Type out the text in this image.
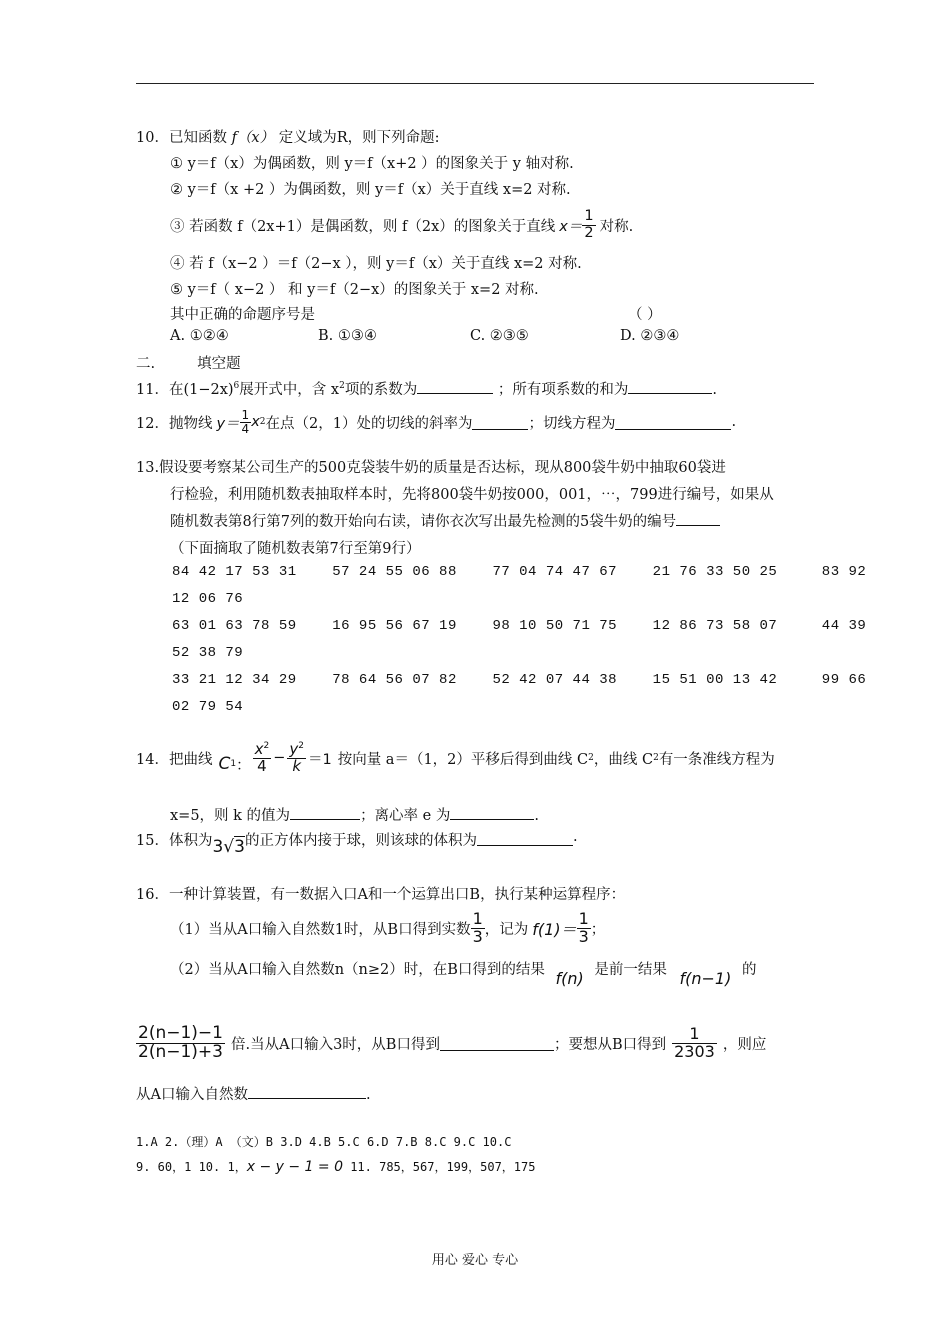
10．已知函数 f（x） 定义域为R，则下列命题:
① y＝f（x）为偶函数，则 y＝f（x+2 ）的图象关于 y 轴对称.
② y＝f（x +2 ）为偶函数，则 y＝f（x）关于直线 x=2 对称.
③ 若函数 f（2x+1）是偶函数，则 f（2x）的图象关于直线 $x= \frac{1}{2}$ 对称.
④ 若 f（x−2 ）＝f（2−x ），则 y＝f（x）关于直线 x=2 对称.
⑤ y＝f（ x−2 ） 和 y＝f（2−x）的图象关于 x=2 对称.
其中正确的命题序号是	（ ）
A. ①②④	B. ①③④	C. ②③⑤	D. ②③④
二.	填空题
11．在$(1-2x)^6$展开式中，含 $x^2$项的系数为	；所有项系数的和为	.
12．抛物线 $y= \frac{1}{4}$ x 2 在点（2，1）处的切线的斜率为	；切线方程为	.
13.假设要考察某公司生产的500克袋装牛奶的质量是否达标，现从800袋牛奶中抽取60袋进
行检验，利用随机数表抽取样本时，先将800袋牛奶按000，001，⋯，799进行编号，如果从
随机数表第8行第7列的数开始向右读，请你衣次写出最先检测的5袋牛奶的编号
（下面摘取了随机数表第7行至第9行）
84 42 17 53 31    57 24 55 06 88    77 04 74 47 67    21 76 33 50 25     83 92
12 06 76
63 01 63 78 59    16 95 56 67 19    98 10 50 71 75    12 86 73 58 07     44 39
52 38 79
33 21 12 34 29    78 64 56 07 82    52 42 07 44 38    15 51 00 13 42     99 66
02 79 54
14．把曲线 $C_1$ ： $\frac{x^2}{4} - \frac{y^2}{k} =1$ 按向量 a＝（1，2）平移后得到曲线 C 2 ，曲线 C 2 有一条准线方程为
x=5，则 k 的值为	；离心率 e 为	.
15．体积为 3√3 的正方体内接于球，则该球的体积为	.
16．一种计算装置，有一数据入口A和一个运算出口B，执行某种运算程序：
（1）当从A口输入自然数1时，从B口得到实数 $\frac{1}{3}$ ，记为 $f(1)= \frac{1}{3}$ ；
（2）当从A口输入自然数n（n≥2）时，在B口得到的结果 f(n) 是前一结果 f(n−1) 的
$\frac{2(n-1)-1}{2(n-1)+3}$ 倍.当从A口输入3时，从B口得到	；要想从B口得到 $\frac{1}{2303}$ ，则应
从A口输入自然数	.
1.A 2.（理）A （文）B 3.D 4.B 5.C 6.D 7.B 8.C 9.C 10.C
9. 60，1 10. 1，x − y − 1 = 0 11. 785，567，199，507，175
用心 爱心 专心
